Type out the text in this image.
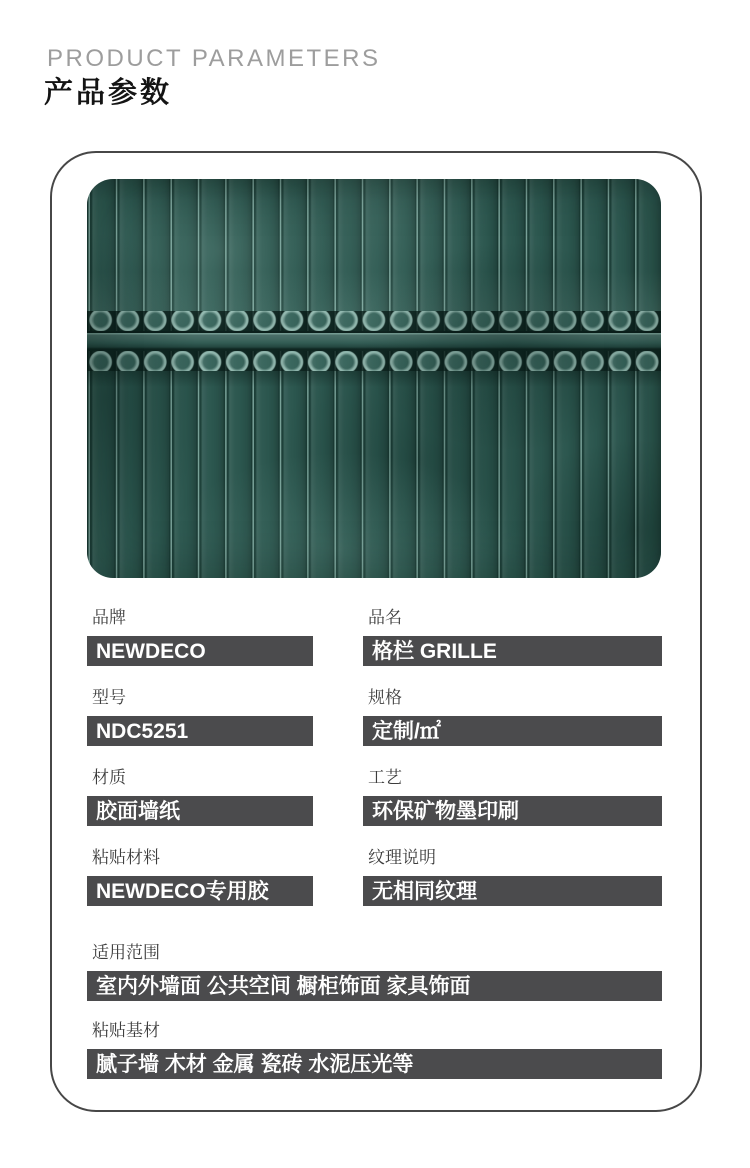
PRODUCT PARAMETERS
产品参数
品牌
NEWDECO
品名
格栏 GRILLE
型号
NDC5251
规格
定制/㎡
材质
胶面墙纸
工艺
环保矿物墨印刷
粘贴材料
NEWDECO专用胶
纹理说明
无相同纹理
适用范围
室内外墙面 公共空间 橱柜饰面 家具饰面
粘贴基材
腻子墙 木材 金属 瓷砖 水泥压光等
